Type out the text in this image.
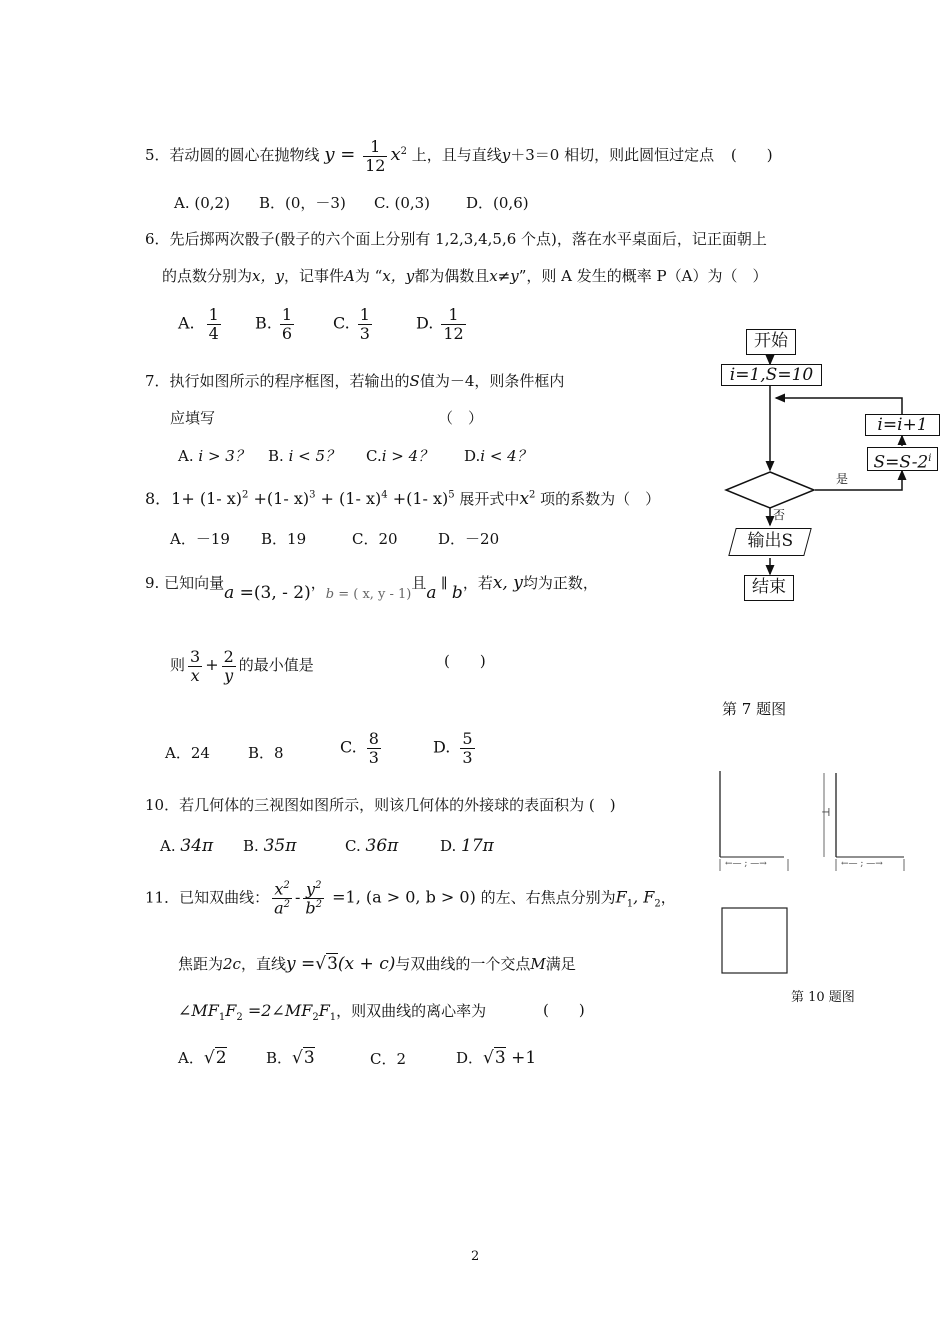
5．若动圆的圆心在抛物线 $y = \frac{1}{12} x^2$ 上，且与直线y＋3＝0 相切，则此圆恒过定点 (　　)
A. (0,2) B．(0，－3) C. (0,3) D．(0,6)
6．先后掷两次骰子(骰子的六个面上分别有 1,2,3,4,5,6 个点)，落在水平桌面后，记正面朝上
的点数分别为x，y，记事件A为 “x，y都为偶数且x≠y”，则 A 发生的概率 P（A）为（　）
A. $\frac{1}{4} B$. $\frac{1}{6} C$. $\frac{1}{3}$	D. $\frac{1}{12}$
7．执行如图所示的程序框图，若输出的S值为－4，则条件框内
应填写	（　）
A. i > 3？ B. i < 5？ C.i > 4？ D.i < 4？
8．1+ (1- x)$^2$ +(1- x)$^3$ + (1- x)$^4$ +(1- x)$^5$ 展开式中$x^2$ 项的系数为（　）
A．－19 B．19	C．20	D．－20
9. 已知向量a =(3, - 2)，b = ( x, y - 1)且a ∥ b，若x, y均为正数，
则 $\frac{3}{x} + \frac{2}{y}$ 的最小值是	(　　)
A．24	B．8	C. $\frac{8}{3}$	D. $\frac{5}{3}$
10．若几何体的三视图如图所示，则该几何体的外接球的表面积为 (　)
A. 34π B. 35π	C. 36π	D. 17π
11．已知双曲线： $\frac{x^2}{a^2} - \frac{y^2}{b^2} =1$, (a > 0, b > 0) 的左、右焦点分别为$F_1$, $F_2$，
焦距为2c，直线y =√3(x + c)与双曲线的一个交点M满足
$\angle MF_1F_2$ $=2\angle MF_2F_1$，则双曲线的离心率为	(　　)
A．√2	B．√3	C．2	D．√3 +1
开始
i=1,S=10
i=i+1
$S=S-2^i$
是
否
输出S
结束
第 7 题图
⊣
←— ; —→	←— ; —→
第 10 题图
2
